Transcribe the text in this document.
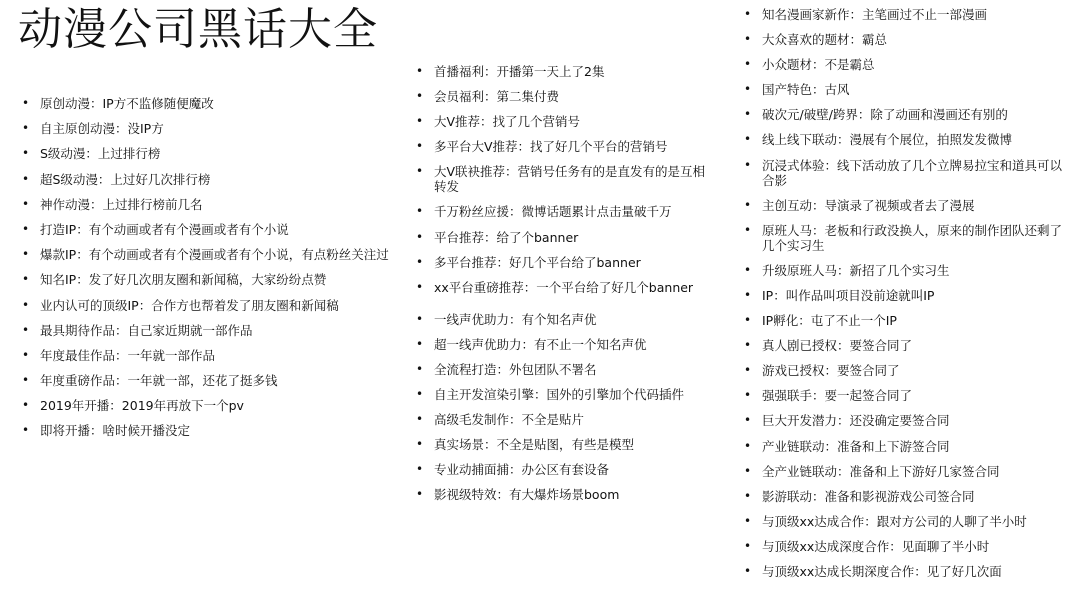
动漫公司黑话大全
• 原创动漫：IP方不监修随便魔改
• 自主原创动漫：没IP方
• S级动漫：上过排行榜
• 超S级动漫：上过好几次排行榜
• 神作动漫：上过排行榜前几名
• 打造IP：有个动画或者有个漫画或者有个小说
• 爆款IP：有个动画或者有个漫画或者有个小说，有点粉丝关注过
• 知名IP：发了好几次朋友圈和新闻稿，大家纷纷点赞
• 业内认可的顶级IP：合作方也帮着发了朋友圈和新闻稿
• 最具期待作品：自己家近期就一部作品
• 年度最佳作品：一年就一部作品
• 年度重磅作品：一年就一部，还花了挺多钱
• 2019年开播：2019年再放下一个pv
• 即将开播：啥时候开播没定
• 首播福利：开播第一天上了2集
• 会员福利：第二集付费
• 大V推荐：找了几个营销号
• 多平台大V推荐：找了好几个平台的营销号
• 大V联袂推荐：营销号任务有的是直发有的是互相转发
• 千万粉丝应援：微博话题累计点击量破千万
• 平台推荐：给了个banner
• 多平台推荐：好几个平台给了banner
• xx平台重磅推荐：一个平台给了好几个banner
• 一线声优助力：有个知名声优
• 超一线声优助力：有不止一个知名声优
• 全流程打造：外包团队不署名
• 自主开发渲染引擎：国外的引擎加个代码插件
• 高级毛发制作：不全是贴片
• 真实场景：不全是贴图，有些是模型
• 专业动捕面捕：办公区有套设备
• 影视级特效：有大爆炸场景boom
• 知名漫画家新作：主笔画过不止一部漫画
• 大众喜欢的题材：霸总
• 小众题材：不是霸总
• 国产特色：古风
• 破次元/破壁/跨界：除了动画和漫画还有别的
• 线上线下联动：漫展有个展位，拍照发发微博
• 沉浸式体验：线下活动放了几个立牌易拉宝和道具可以合影
• 主创互动：导演录了视频或者去了漫展
• 原班人马：老板和行政没换人，原来的制作团队还剩了几个实习生
• 升级原班人马：新招了几个实习生
• IP：叫作品叫项目没前途就叫IP
• IP孵化：屯了不止一个IP
• 真人剧已授权：要签合同了
• 游戏已授权：要签合同了
• 强强联手：要一起签合同了
• 巨大开发潜力：还没确定要签合同
• 产业链联动：准备和上下游签合同
• 全产业链联动：准备和上下游好几家签合同
• 影游联动：准备和影视游戏公司签合同
• 与顶级xx达成合作：跟对方公司的人聊了半小时
• 与顶级xx达成深度合作：见面聊了半小时
• 与顶级xx达成长期深度合作：见了好几次面
